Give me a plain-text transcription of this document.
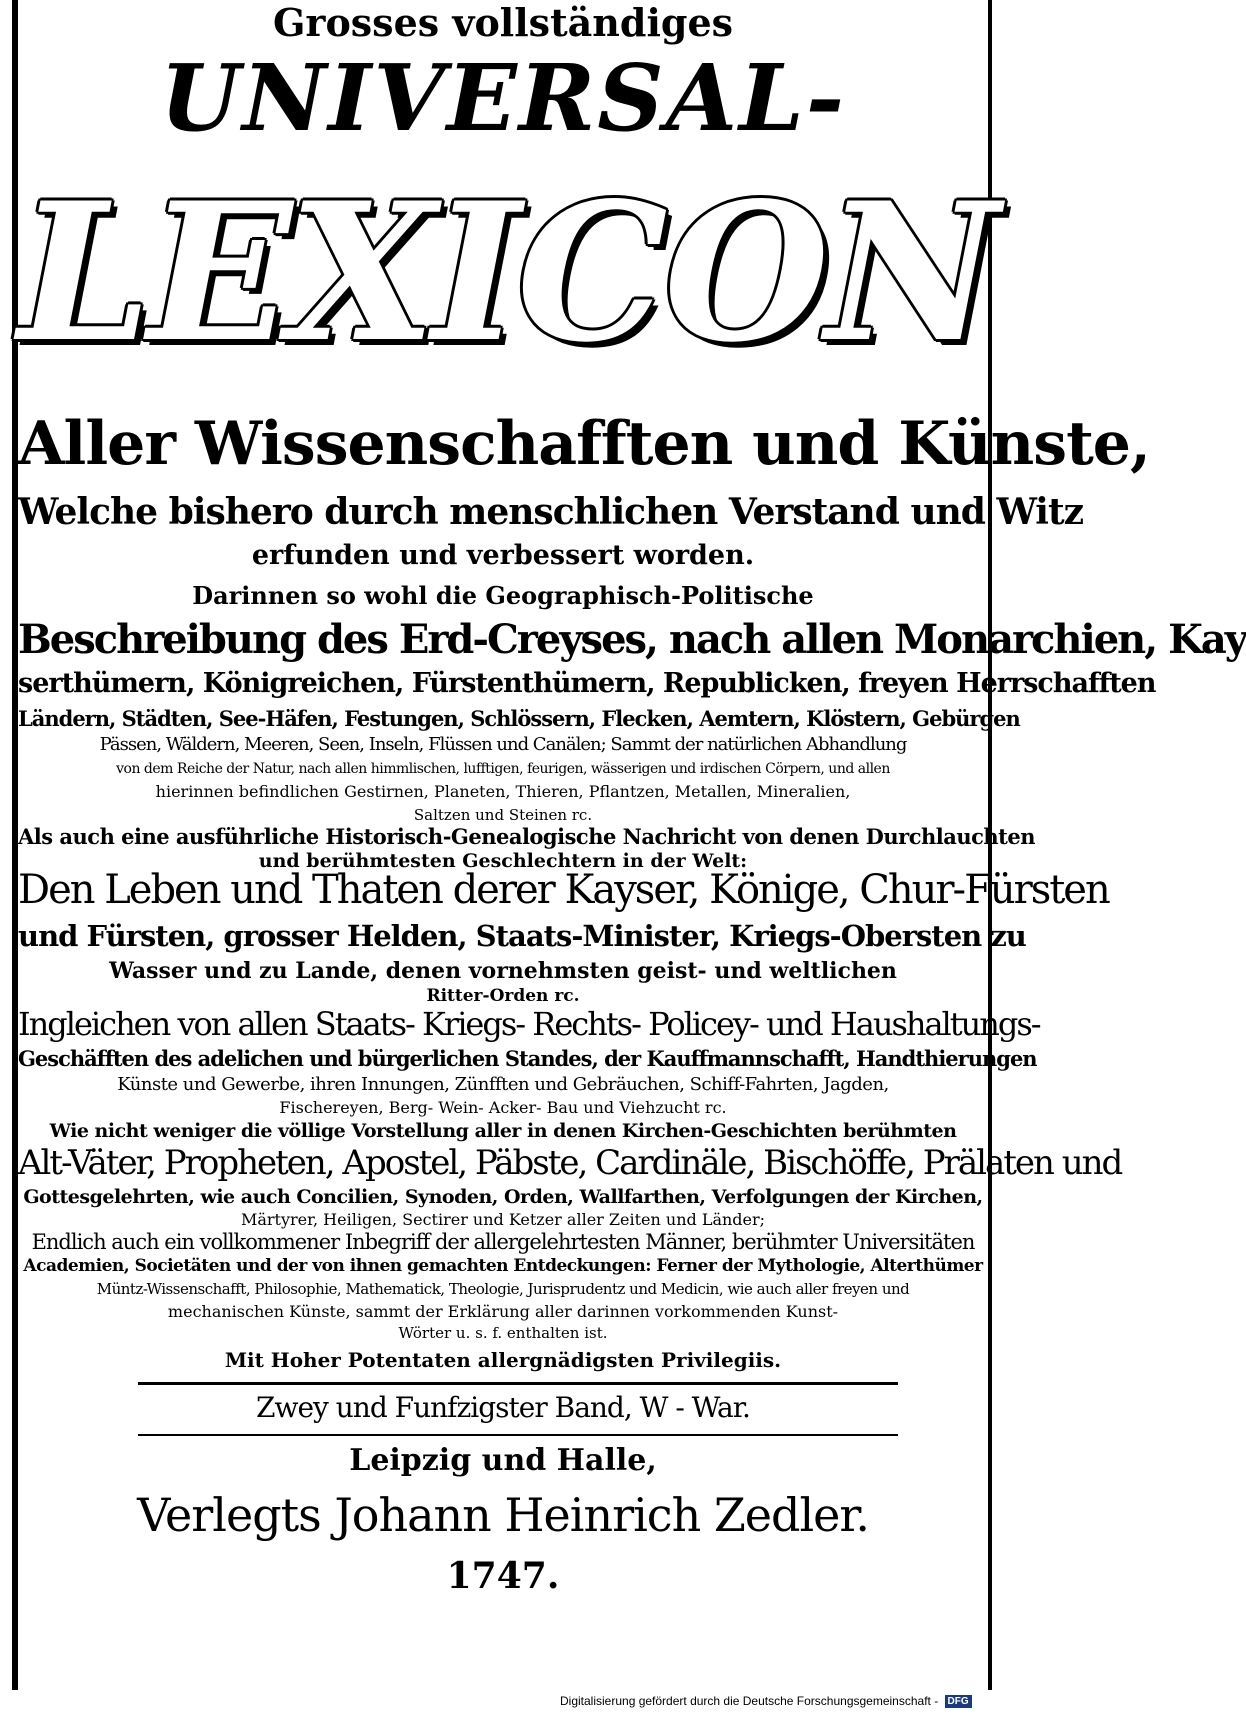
Grosses vollständiges
UNIVERSAL-
LEXICON
Aller Wissenschafften und Künste,
Welche bishero durch menschlichen Verstand und Witz
erfunden und verbessert worden.
Darinnen so wohl die Geographisch-Politische
Beschreibung des Erd-Creyses, nach allen Monarchien, Kay
serthümern, Königreichen, Fürstenthümern, Republicken, freyen Herrschafften
Ländern, Städten, See-Häfen, Festungen, Schlössern, Flecken, Aemtern, Klöstern, Gebürgen
Pässen, Wäldern, Meeren, Seen, Inseln, Flüssen und Canälen; Sammt der natürlichen Abhandlung
von dem Reiche der Natur, nach allen himmlischen, lufftigen, feurigen, wässerigen und irdischen Cörpern, und allen
hierinnen befindlichen Gestirnen, Planeten, Thieren, Pflantzen, Metallen, Mineralien,
Saltzen und Steinen rc.
Als auch eine ausführliche Historisch-Genealogische Nachricht von denen Durchlauchten
und berühmtesten Geschlechtern in der Welt:
Den Leben und Thaten derer Kayser, Könige, Chur-Fürsten
und Fürsten, grosser Helden, Staats-Minister, Kriegs-Obersten zu
Wasser und zu Lande, denen vornehmsten geist- und weltlichen
Ritter-Orden rc.
Ingleichen von allen Staats- Kriegs- Rechts- Policey- und Haushaltungs-
Geschäfften des adelichen und bürgerlichen Standes, der Kauffmannschafft, Handthierungen
Künste und Gewerbe, ihren Innungen, Zünfften und Gebräuchen, Schiff-Fahrten, Jagden,
Fischereyen, Berg- Wein- Acker- Bau und Viehzucht rc.
Wie nicht weniger die völlige Vorstellung aller in denen Kirchen-Geschichten berühmten
Alt-Väter, Propheten, Apostel, Päbste, Cardinäle, Bischöffe, Prälaten und
Gottesgelehrten, wie auch Concilien, Synoden, Orden, Wallfarthen, Verfolgungen der Kirchen,
Märtyrer, Heiligen, Sectirer und Ketzer aller Zeiten und Länder;
Endlich auch ein vollkommener Inbegriff der allergelehrtesten Männer, berühmter Universitäten
Academien, Societäten und der von ihnen gemachten Entdeckungen: Ferner der Mythologie, Alterthümer
Müntz-Wissenschafft, Philosophie, Mathematick, Theologie, Jurisprudentz und Medicin, wie auch aller freyen und
mechanischen Künste, sammt der Erklärung aller darinnen vorkommenden Kunst-
Wörter u. s. f. enthalten ist.
Mit Hoher Potentaten allergnädigsten Privilegiis.
Zwey und Funfzigster Band, W - War.
Leipzig und Halle,
Verlegts Johann Heinrich Zedler.
1747.
Digitalisierung gefördert durch die Deutsche Forschungsgemeinschaft - DFG
